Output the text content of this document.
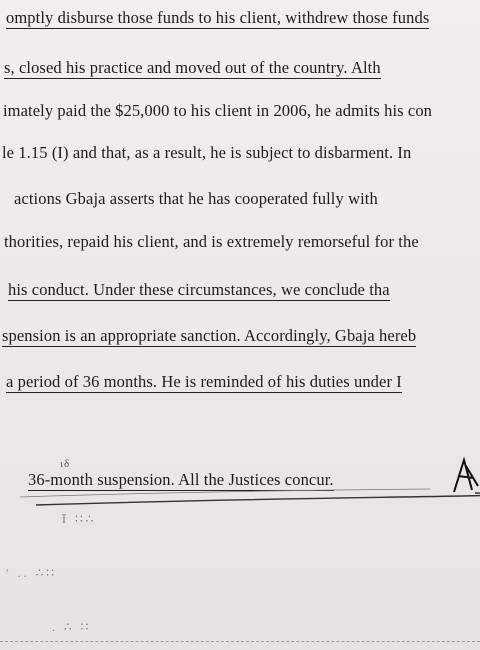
omptly disburse those funds to his client, withdrew those funds
s, closed his practice and moved out of the country. Alth
imately paid the $25,000 to his client in 2006, he admits his con
le 1.15 (I) and that, as a result, he is subject to disbarment. In
actions Gbaja asserts that he has cooperated fully with
thorities, repaid his client, and is extremely remorseful for the
his conduct. Under these circumstances, we conclude tha
spension is an appropriate sanction. Accordingly, Gbaja hereb
a period of 36 months. He is reminded of his duties under I
ιδ
36-month suspension. All the Justices concur.
Ī ∷∴
′ .. ∴∷
. ∴ ∷
